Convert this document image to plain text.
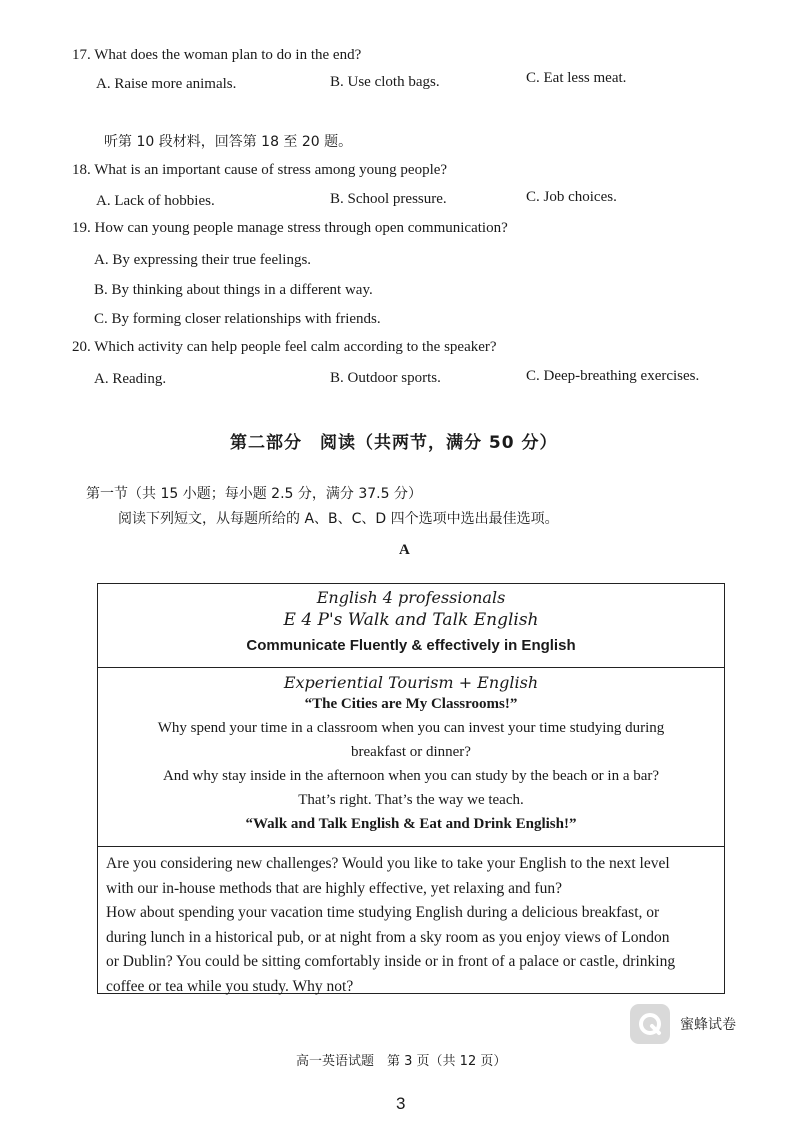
17. What does the woman plan to do in the end?
A. Raise more animals.	B. Use cloth bags.	C. Eat less meat.
听第 10 段材料，回答第 18 至 20 题。
18. What is an important cause of stress among young people?
A. Lack of hobbies.	B. School pressure.	C. Job choices.
19. How can young people manage stress through open communication?
A. By expressing their true feelings.
B. By thinking about things in a different way.
C. By forming closer relationships with friends.
20. Which activity can help people feel calm according to the speaker?
A. Reading.	B. Outdoor sports.	C. Deep-breathing exercises.
第二部分　阅读（共两节，满分 50 分）
第一节（共 15 小题；每小题 2.5 分，满分 37.5 分）
阅读下列短文，从每题所给的 A、B、C、D 四个选项中选出最佳选项。
A
English 4 professionals
E 4 P's Walk and Talk English
Communicate Fluently & effectively in English
Experiential Tourism + English
“The Cities are My Classrooms!”
Why spend your time in a classroom when you can invest your time studying during
breakfast or dinner?
And why stay inside in the afternoon when you can study by the beach or in a bar?
That’s right. That’s the way we teach.
“Walk and Talk English & Eat and Drink English!”
Are you considering new challenges? Would you like to take your English to the next level
with our in-house methods that are highly effective, yet relaxing and fun?
How about spending your vacation time studying English during a delicious breakfast, or
during lunch in a historical pub, or at night from a sky room as you enjoy views of London
or Dublin? You could be sitting comfortably inside or in front of a palace or castle, drinking
coffee or tea while you study. Why not?
蜜蜂试卷
高一英语试题　第 3 页（共 12 页）
3
